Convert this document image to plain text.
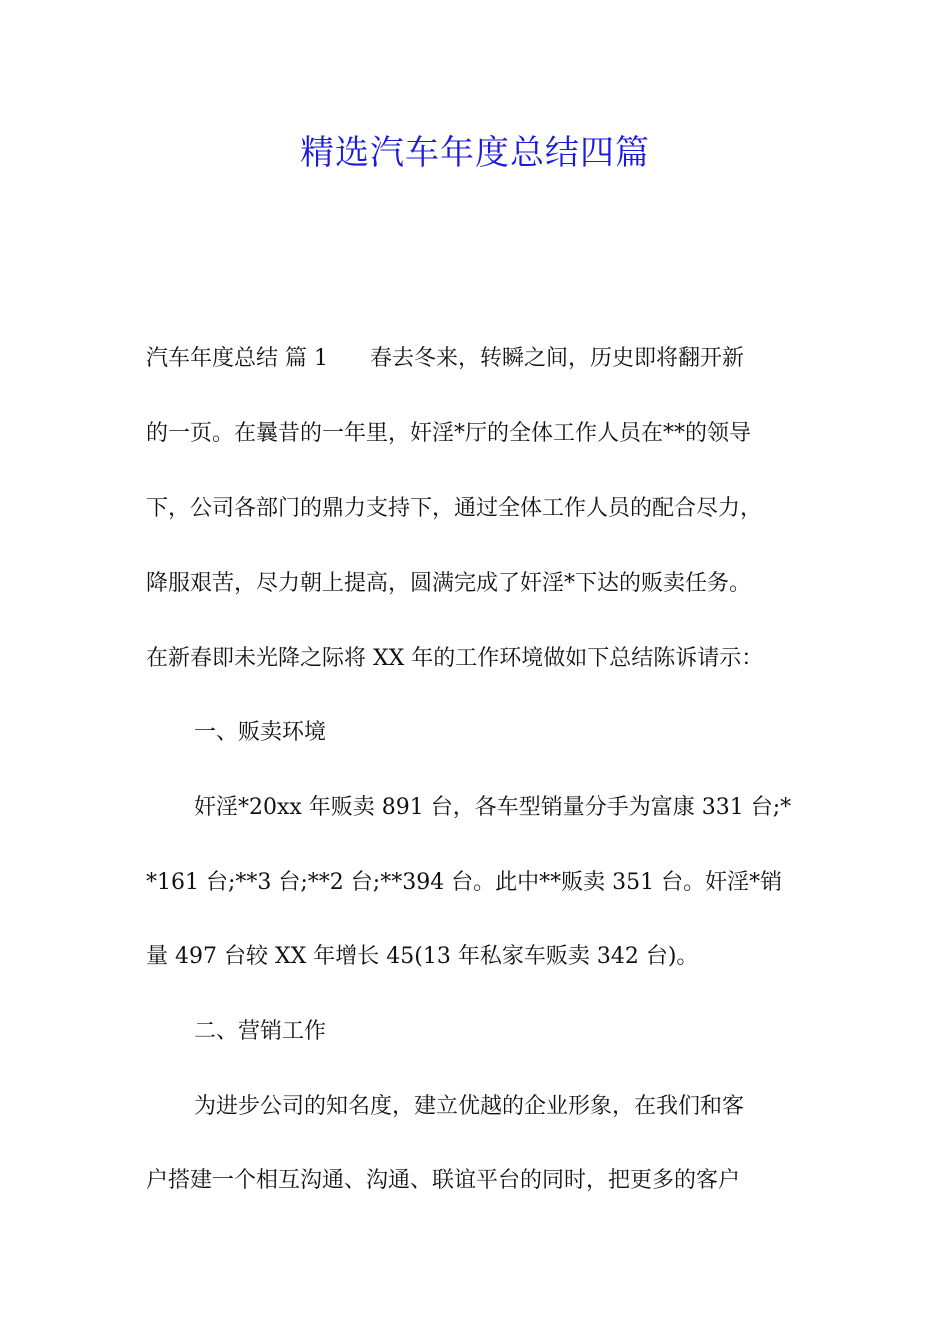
精选汽车年度总结四篇
汽车年度总结 篇 1 春去冬来，转瞬之间，历史即将翻开新
的一页。在曩昔的一年里，奸淫*厅的全体工作人员在**的领导
下，公司各部门的鼎力支持下，通过全体工作人员的配合尽力，
降服艰苦，尽力朝上提高，圆满完成了奸淫*下达的贩卖任务。
在新春即未光降之际将 XX 年的工作环境做如下总结陈诉请示：
一、贩卖环境
奸淫*20xx 年贩卖 891 台，各车型销量分手为富康 331 台;*
*161 台;**3 台;**2 台;**394 台。此中**贩卖 351 台。奸淫*销
量 497 台较 XX 年增长 45(13 年私家车贩卖 342 台)。
二、营销工作
为进步公司的知名度，建立优越的企业形象，在我们和客
户搭建一个相互沟通、沟通、联谊平台的同时，把更多的客户
